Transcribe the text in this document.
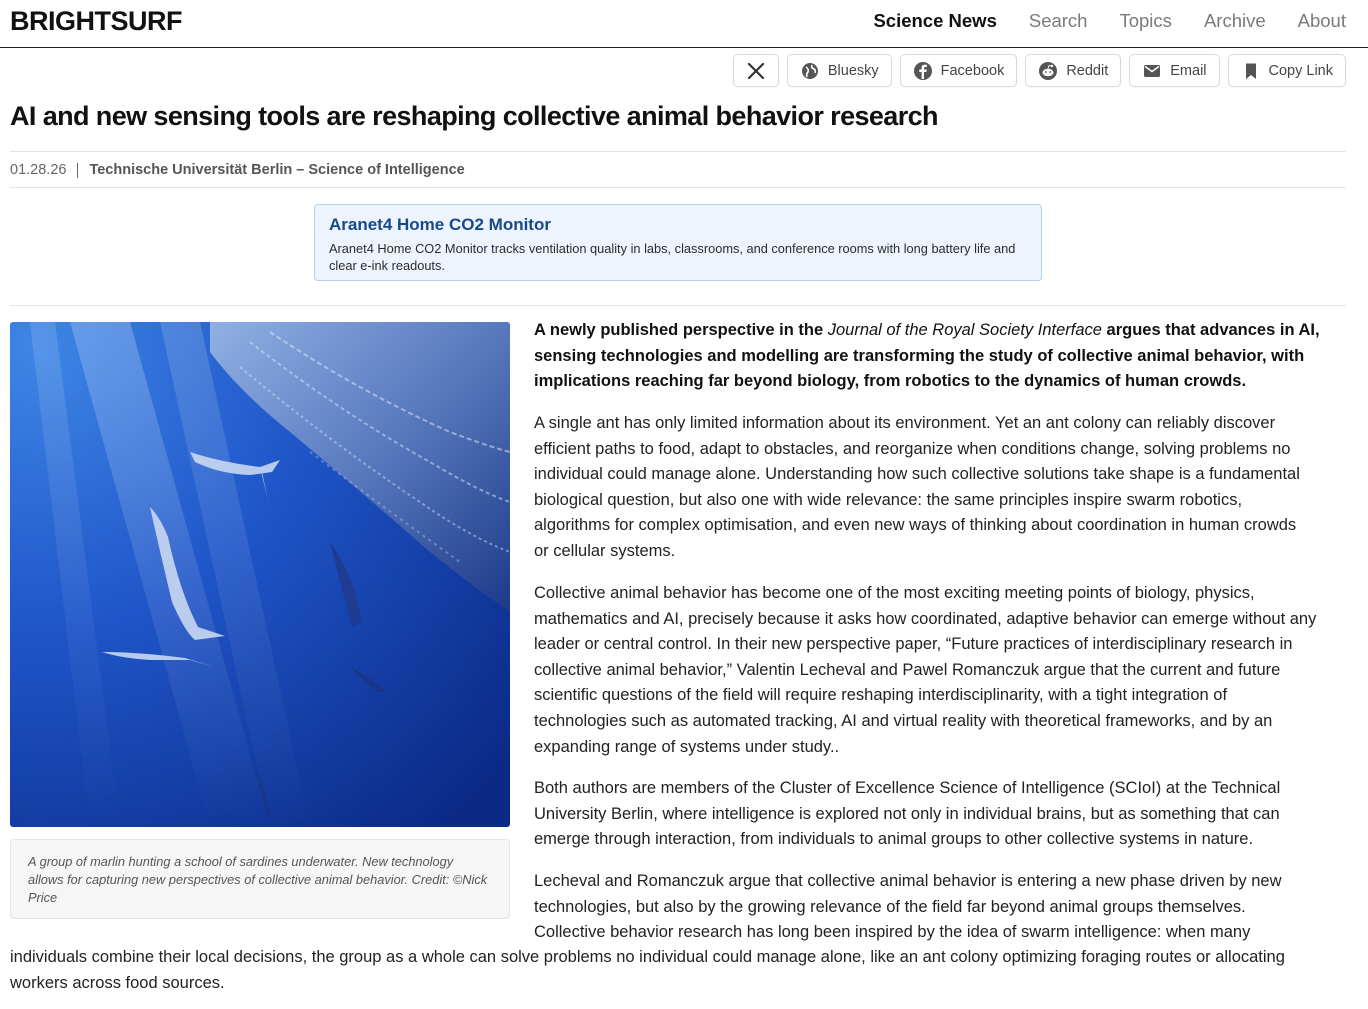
BRIGHTSURF	Science News Search Topics Archive About
Bluesky	Facebook	Reddit	Email	Copy Link
AI and new sensing tools are reshaping collective animal behavior research
01.28.26 Technische Universität Berlin – Science of Intelligence
Aranet4 Home CO2 Monitor
Aranet4 Home CO2 Monitor tracks ventilation quality in labs, classrooms, and conference rooms with long battery life and clear e-ink readouts.
A group of marlin hunting a school of sardines underwater. New technology allows for capturing new perspectives of collective animal behavior. Credit: ©Nick Price
A newly published perspective in the Journal of the Royal Society Interface argues that advances in AI,
sensing technologies and modelling are transforming the study of collective animal behavior, with
implications reaching far beyond biology, from robotics to the dynamics of human crowds.
A single ant has only limited information about its environment. Yet an ant colony can reliably discover
efficient paths to food, adapt to obstacles, and reorganize when conditions change, solving problems no
individual could manage alone. Understanding how such collective solutions take shape is a fundamental
biological question, but also one with wide relevance: the same principles inspire swarm robotics,
algorithms for complex optimisation, and even new ways of thinking about coordination in human crowds
or cellular systems.
Collective animal behavior has become one of the most exciting meeting points of biology, physics,
mathematics and AI, precisely because it asks how coordinated, adaptive behavior can emerge without any
leader or central control. In their new perspective paper, “Future practices of interdisciplinary research in
collective animal behavior,” Valentin Lecheval and Pawel Romanczuk argue that the current and future
scientific questions of the field will require reshaping interdisciplinarity, with a tight integration of
technologies such as automated tracking, AI and virtual reality with theoretical frameworks, and by an
expanding range of systems under study..
Both authors are members of the Cluster of Excellence Science of Intelligence (SCIoI) at the Technical
University Berlin, where intelligence is explored not only in individual brains, but as something that can
emerge through interaction, from individuals to animal groups to other collective systems in nature.
Lecheval and Romanczuk argue that collective animal behavior is entering a new phase driven by new
technologies, but also by the growing relevance of the field far beyond animal groups themselves.
Collective behavior research has long been inspired by the idea of swarm intelligence: when many
individuals combine their local decisions, the group as a whole can solve problems no individual could manage alone, like an ant colony optimizing foraging routes or allocating
workers across food sources.
